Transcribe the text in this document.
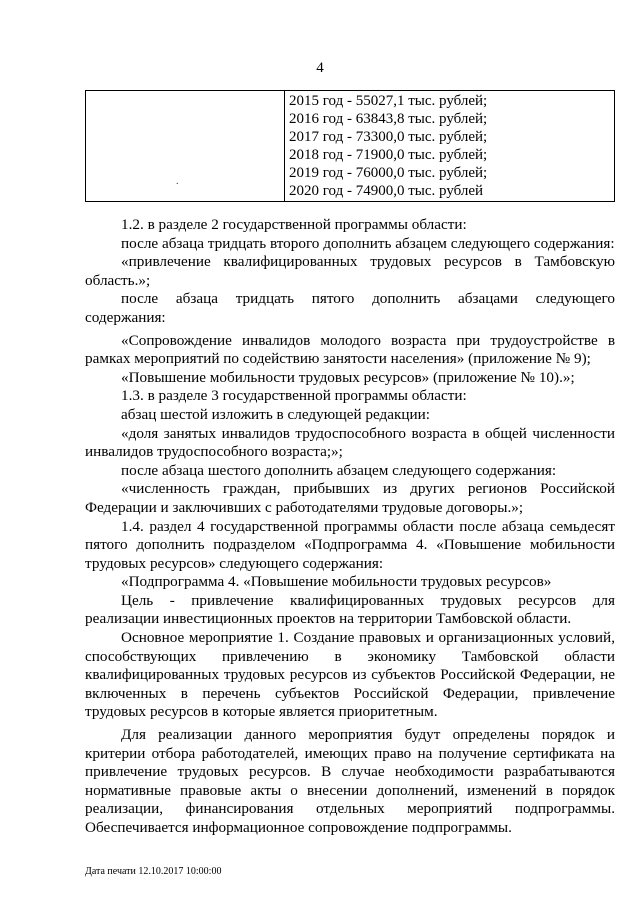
4

2015 год - 55027,1 тыс. рублей;
2016 год - 63843,8 тыс. рублей;
2017 год - 73300,0 тыс. рублей;
2018 год - 71900,0 тыс. рублей;
2019 год - 76000,0 тыс. рублей;
2020 год - 74900,0 тыс. рублей
.

1.2. в разделе 2 государственной программы области:

после абзаца тридцать второго дополнить абзацем следующего содержания:

«привлечение квалифицированных трудовых ресурсов в Тамбовскую область.»;

после абзаца тридцать пятого дополнить абзацами следующего содержания:

«Сопровождение инвалидов молодого возраста при трудоустройстве в рамках мероприятий по содействию занятости населения» (приложение № 9);

«Повышение мобильности трудовых ресурсов» (приложение № 10).»;

1.3. в разделе 3 государственной программы области:

абзац шестой изложить в следующей редакции:

«доля занятых инвалидов трудоспособного возраста в общей численности инвалидов трудоспособного возраста;»;

после абзаца шестого дополнить абзацем следующего содержания:

«численность граждан, прибывших из других регионов Российской Федерации и заключивших с работодателями трудовые договоры.»;

1.4. раздел 4 государственной программы области после абзаца семьдесят пятого дополнить подразделом «Подпрограмма 4. «Повышение мобильности трудовых ресурсов» следующего содержания:

«Подпрограмма 4. «Повышение мобильности трудовых ресурсов»

Цель - привлечение квалифицированных трудовых ресурсов для реализации инвестиционных проектов на территории Тамбовской области.

Основное мероприятие 1. Создание правовых и организационных условий, способствующих привлечению в экономику Тамбовской области квалифицированных трудовых ресурсов из субъектов Российской Федерации, не включенных в перечень субъектов Российской Федерации, привлечение трудовых ресурсов в которые является приоритетным.

Для реализации данного мероприятия будут определены порядок и критерии отбора работодателей, имеющих право на получение сертификата на привлечение трудовых ресурсов. В случае необходимости разрабатываются нормативные правовые акты о внесении дополнений, изменений в порядок реализации, финансирования отдельных мероприятий подпрограммы. Обеспечивается информационное сопровождение подпрограммы.

Дата печати 12.10.2017 10:00:00
